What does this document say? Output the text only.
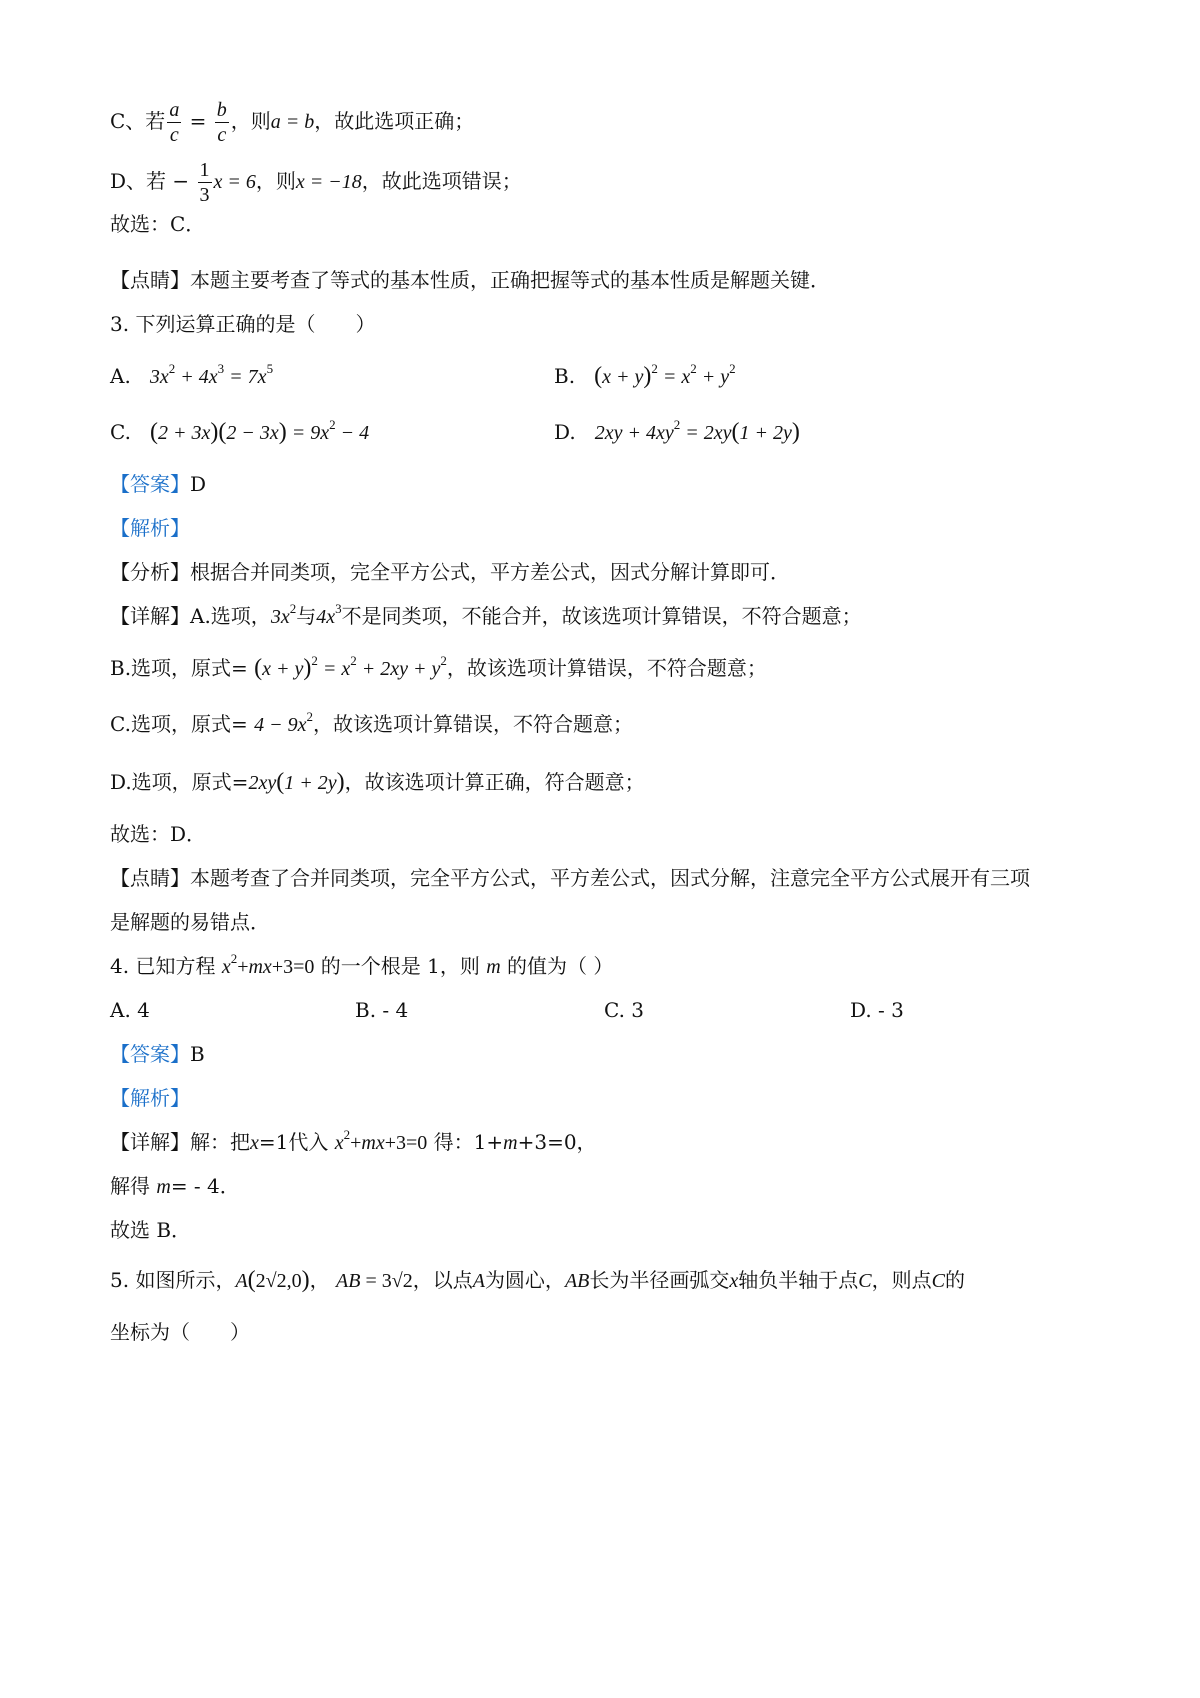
C、若 $\frac{a}{c} = \frac{b}{c}$ ，则a = b，故此选项正确；
D、若 − $\frac{1}{3}$ x = 6，则x = −18，故此选项错误；
故选：C．
【点睛】本题主要考查了等式的基本性质，正确把握等式的基本性质是解题关键．
3. 下列运算正确的是（　　）
A. $3x^2 + 4x^3 = 7x^5$	B. $(x + y)^2 = x^2 + y^2$
C. $(2 + 3x)(2 - 3x) = 9x^2 - 4$	D. $2xy + 4xy^2 = 2xy(1 + 2y)$
【答案】D
【解析】
【分析】根据合并同类项，完全平方公式，平方差公式，因式分解计算即可．
【详解】A.选项，$3x^2$与$4x^3$不是同类项，不能合并，故该选项计算错误，不符合题意；
B.选项，原式= $(x + y)^2 = x^2 + 2xy + y^2$，故该选项计算错误，不符合题意；
C.选项，原式= $4 - 9x^2$，故该选项计算错误，不符合题意；
D.选项，原式=2xy(1 + 2y)，故该选项计算正确，符合题意；
故选：D．
【点睛】本题考查了合并同类项，完全平方公式，平方差公式，因式分解，注意完全平方公式展开有三项
是解题的易错点．
4. 已知方程 $x^2+mx+3=0$ 的一个根是 1，则 m 的值为（ ）
A. 4	B. - 4	C. 3	D. - 3
【答案】B
【解析】
【详解】解：把x=1代入 $x^2+mx+3=0$ 得：1+m+3=0，
解得 m= - 4．
故选 B．
5. 如图所示，A(2√2,0)， AB = 3√2，以点A为圆心，AB长为半径画弧交x轴负半轴于点C，则点C的
坐标为（　　）
